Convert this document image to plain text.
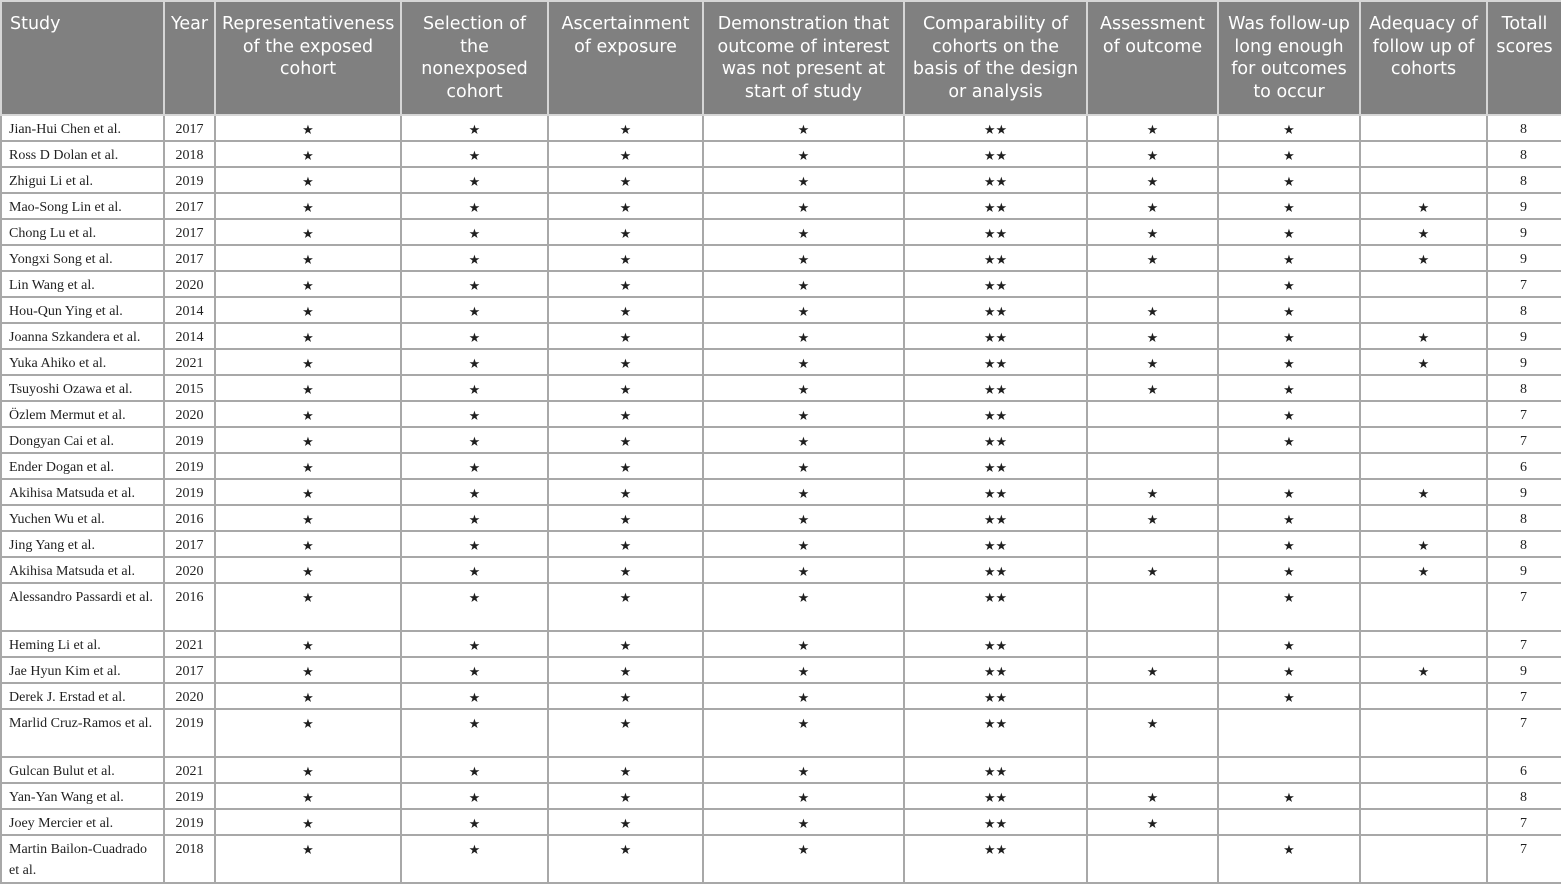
Study	Year	Representativeness of the exposed cohort	Selection of the nonexposed cohort	Ascertainment of exposure	Demonstration that outcome of interest was not present at start of study	Comparability of cohorts on the basis of the design or analysis	Assessment of outcome	Was follow-up long enough for outcomes to occur	Adequacy of follow up of cohorts	Totall scores
Jian-Hui Chen et al.	2017	★	★	★	★	★★	★	★		8
Ross D Dolan et al.	2018	★	★	★	★	★★	★	★		8
Zhigui Li et al.	2019	★	★	★	★	★★	★	★		8
Mao-Song Lin et al.	2017	★	★	★	★	★★	★	★	★	9
Chong Lu et al.	2017	★	★	★	★	★★	★	★	★	9
Yongxi Song et al.	2017	★	★	★	★	★★	★	★	★	9
Lin Wang et al.	2020	★	★	★	★	★★		★		7
Hou-Qun Ying et al.	2014	★	★	★	★	★★	★	★		8
Joanna Szkandera et al.	2014	★	★	★	★	★★	★	★	★	9
Yuka Ahiko et al.	2021	★	★	★	★	★★	★	★	★	9
Tsuyoshi Ozawa et al.	2015	★	★	★	★	★★	★	★		8
Özlem Mermut et al.	2020	★	★	★	★	★★		★		7
Dongyan Cai et al.	2019	★	★	★	★	★★		★		7
Ender Dogan et al.	2019	★	★	★	★	★★				6
Akihisa Matsuda et al.	2019	★	★	★	★	★★	★	★	★	9
Yuchen Wu et al.	2016	★	★	★	★	★★	★	★		8
Jing Yang et al.	2017	★	★	★	★	★★		★	★	8
Akihisa Matsuda et al.	2020	★	★	★	★	★★	★	★	★	9
Alessandro Passardi et al.	2016	★	★	★	★	★★		★		7
Heming Li et al.	2021	★	★	★	★	★★		★		7
Jae Hyun Kim et al.	2017	★	★	★	★	★★	★	★	★	9
Derek J. Erstad et al.	2020	★	★	★	★	★★		★		7
Marlid Cruz-Ramos et al.	2019	★	★	★	★	★★	★			7
Gulcan Bulut et al.	2021	★	★	★	★	★★				6
Yan-Yan Wang et al.	2019	★	★	★	★	★★	★	★		8
Joey Mercier et al.	2019	★	★	★	★	★★	★			7
Martin Bailon-Cuadrado et al.	2018	★	★	★	★	★★		★		7
